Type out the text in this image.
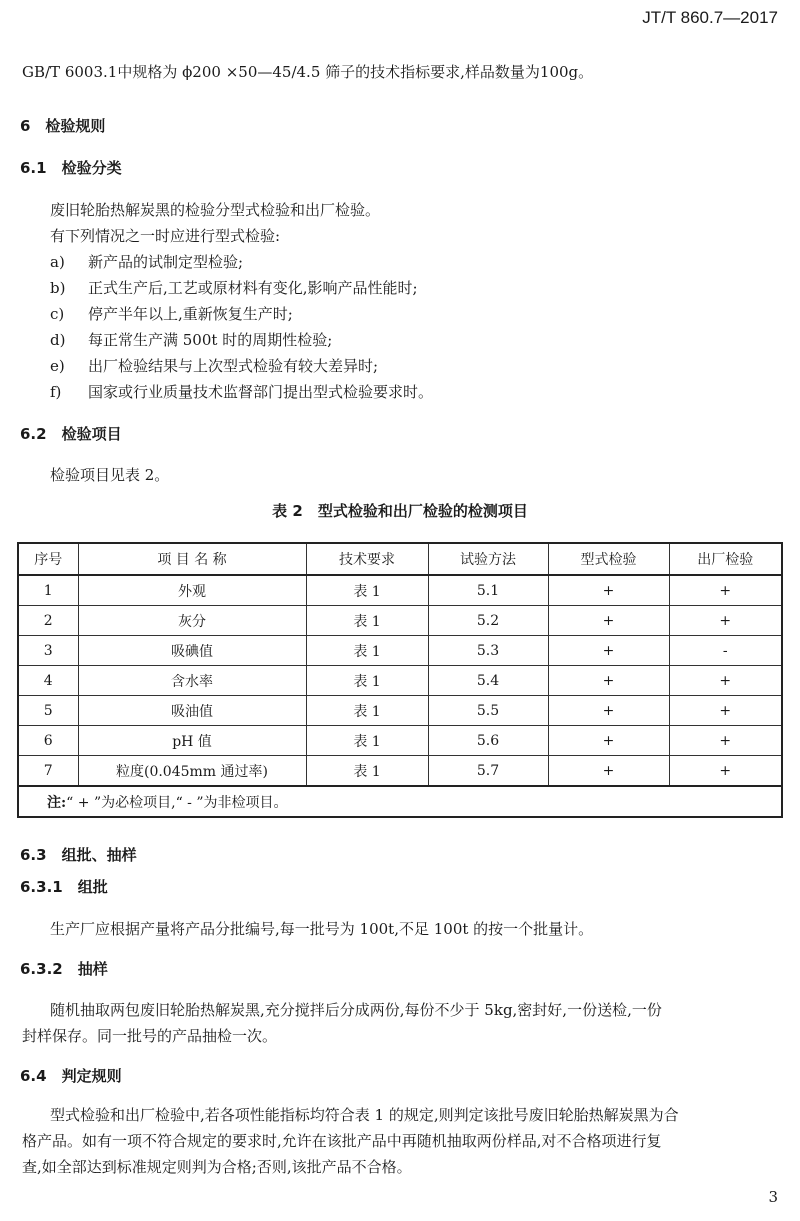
JT/T 860.7—2017
GB/T 6003.1中规格为 ϕ200 ×50—45/4.5 筛子的技术指标要求,样品数量为100g。
6　检验规则
6.1　检验分类
废旧轮胎热解炭黑的检验分型式检验和出厂检验。
有下列情况之一时应进行型式检验:
a) 新产品的试制定型检验;
b) 正式生产后,工艺或原材料有变化,影响产品性能时;
c) 停产半年以上,重新恢复生产时;
d) 每正常生产满 500t 时的周期性检验;
e) 出厂检验结果与上次型式检验有较大差异时;
f) 国家或行业质量技术监督部门提出型式检验要求时。
6.2　检验项目
检验项目见表 2。
表 2　型式检验和出厂检验的检测项目
序号	项 目 名 称	技术要求	试验方法	型式检验	出厂检验
1	外观	表 1	5.1	+	+
2	灰分	表 1	5.2	+	+
3	吸碘值	表 1	5.3	+	-
4	含水率	表 1	5.4	+	+
5	吸油值	表 1	5.5	+	+
6	pH 值	表 1	5.6	+	+
7	粒度(0.045mm 通过率)	表 1	5.7	+	+
注:“ + ”为必检项目,“ - ”为非检项目。					
6.3　组批、抽样
6.3.1　组批
生产厂应根据产量将产品分批编号,每一批号为 100t,不足 100t 的按一个批量计。
6.3.2　抽样
随机抽取两包废旧轮胎热解炭黑,充分搅拌后分成两份,每份不少于 5kg,密封好,一份送检,一份
封样保存。同一批号的产品抽检一次。
6.4　判定规则
型式检验和出厂检验中,若各项性能指标均符合表 1 的规定,则判定该批号废旧轮胎热解炭黑为合
格产品。如有一项不符合规定的要求时,允许在该批产品中再随机抽取两份样品,对不合格项进行复
查,如全部达到标准规定则判为合格;否则,该批产品不合格。
3
